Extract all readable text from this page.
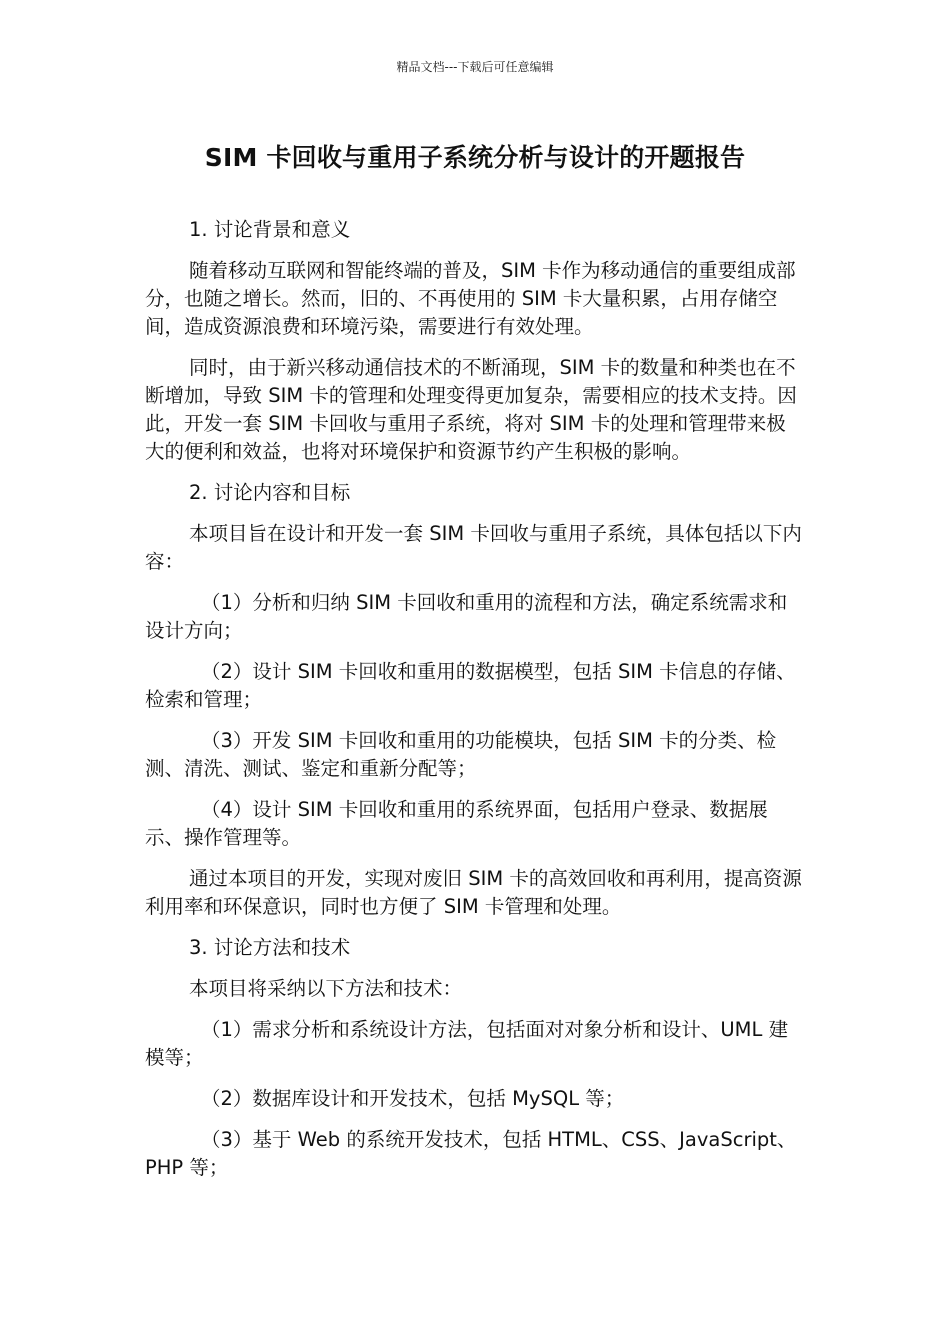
精品文档---下载后可任意编辑
SIM 卡回收与重用子系统分析与设计的开题报告

1. 讨论背景和意义

随着移动互联网和智能终端的普及，SIM 卡作为移动通信的重要组成部分，也随之增长。然而，旧的、不再使用的 SIM 卡大量积累，占用存储空间，造成资源浪费和环境污染，需要进行有效处理。

同时，由于新兴移动通信技术的不断涌现，SIM 卡的数量和种类也在不断增加，导致 SIM 卡的管理和处理变得更加复杂，需要相应的技术支持。因此，开发一套 SIM 卡回收与重用子系统，将对 SIM 卡的处理和管理带来极大的便利和效益，也将对环境保护和资源节约产生积极的影响。

2. 讨论内容和目标

本项目旨在设计和开发一套 SIM 卡回收与重用子系统，具体包括以下内容：

（1）分析和归纳 SIM 卡回收和重用的流程和方法，确定系统需求和设计方向；

（2）设计 SIM 卡回收和重用的数据模型，包括 SIM 卡信息的存储、检索和管理；

（3）开发 SIM 卡回收和重用的功能模块，包括 SIM 卡的分类、检测、清洗、测试、鉴定和重新分配等；

（4）设计 SIM 卡回收和重用的系统界面，包括用户登录、数据展示、操作管理等。

通过本项目的开发，实现对废旧 SIM 卡的高效回收和再利用，提高资源利用率和环保意识，同时也方便了 SIM 卡管理和处理。

3. 讨论方法和技术

本项目将采纳以下方法和技术：

（1）需求分析和系统设计方法，包括面对对象分析和设计、UML 建模等；

（2）数据库设计和开发技术，包括 MySQL 等；

（3）基于 Web 的系统开发技术，包括 HTML、CSS、JavaScript、PHP 等；
